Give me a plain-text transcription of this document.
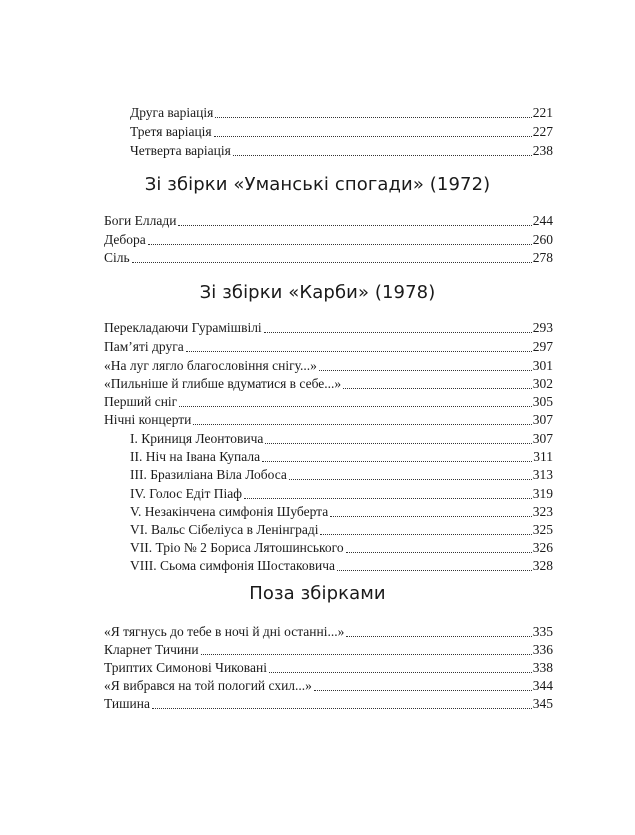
Друга варіація	221
Третя варіація	227
Четверта варіація	238
Зі збірки «Уманські спогади» (1972)
Боги Еллади	244
Дебора	260
Сіль	278
Зі збірки «Карби» (1978)
Перекладаючи Гурамішвілі	293
Пам’яті друга	297
«На луг лягло благословіння снігу...»	301
«Пильніше й глибше вдуматися в себе...»	302
Перший сніг	305
Нічні концерти	307
I. Криниця Леонтовича	307
II. Ніч на Івана Купала	311
III. Бразиліана Віла Лобоса	313
IV. Голос Едіт Піаф	319
V. Незакінчена симфонія Шуберта	323
VI. Вальс Сібеліуса в Ленінграді	325
VII. Тріо № 2 Бориса Лятошинського	326
VIII. Сьома симфонія Шостаковича	328
Поза збірками
«Я тягнусь до тебе в ночі й дні останні...»	335
Кларнет Тичини	336
Триптих Симонові Чиковані	338
«Я вибрався на той пологий схил...»	344
Тишина	345
